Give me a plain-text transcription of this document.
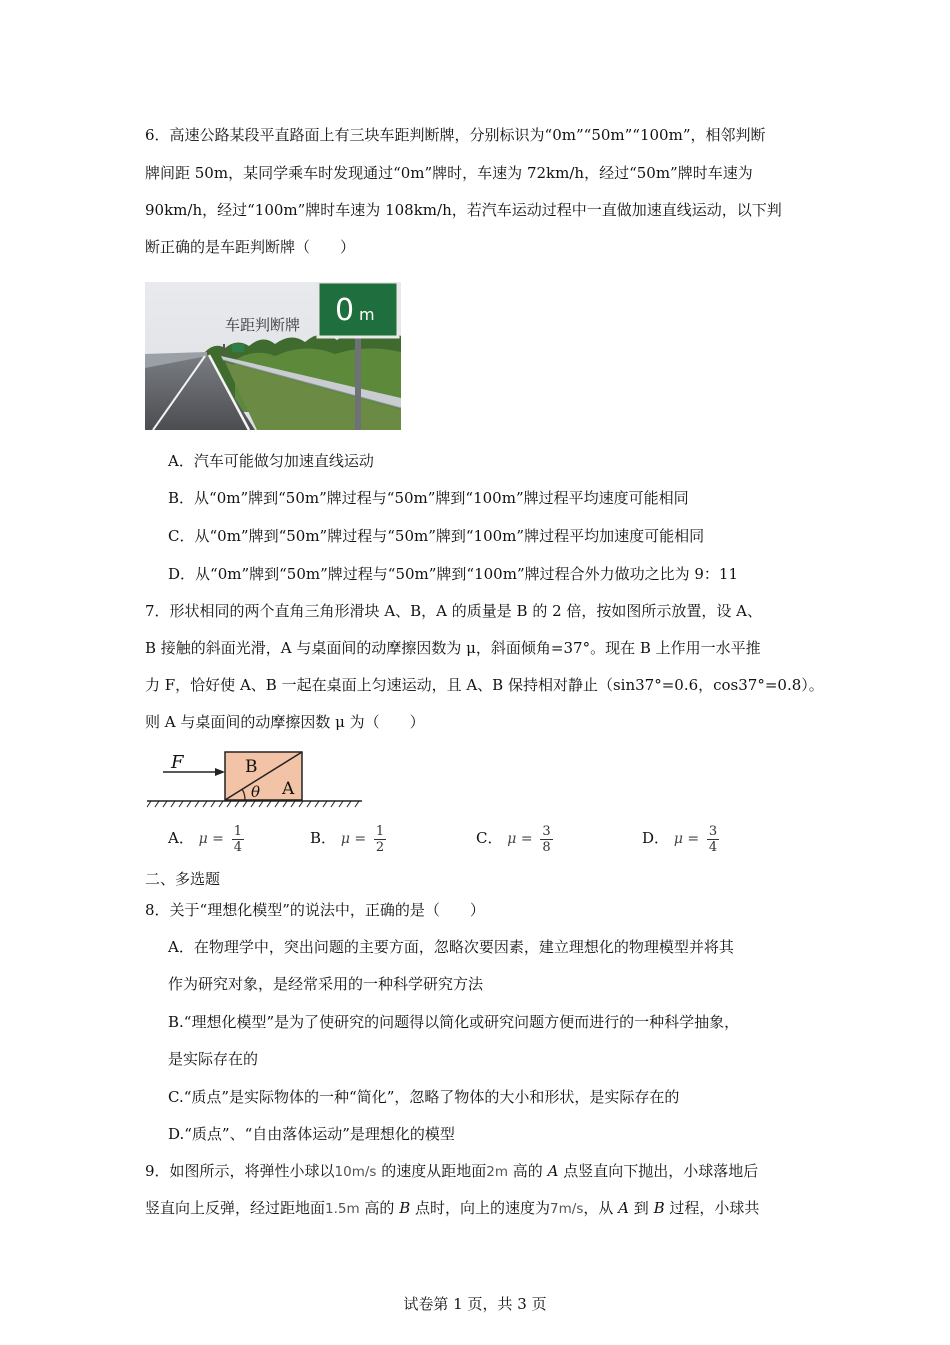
6．高速公路某段平直路面上有三块车距判断牌，分别标识为“0m”“50m”“100m”，相邻判断
牌间距 50m，某同学乘车时发现通过“0m”牌时，车速为 72km/h，经过“50m”牌时车速为
90km/h，经过“100m”牌时车速为 108km/h，若汽车运动过程中一直做加速直线运动，以下判
断正确的是车距判断牌（　　）
0 m
车距判断牌
A．汽车可能做匀加速直线运动
B．从“0m”牌到“50m”牌过程与“50m”牌到“100m”牌过程平均速度可能相同
C．从“0m”牌到“50m”牌过程与“50m”牌到“100m”牌过程平均加速度可能相同
D．从“0m”牌到“50m”牌过程与“50m”牌到“100m”牌过程合外力做功之比为 9：11
7．形状相同的两个直角三角形滑块 A、B，A 的质量是 B 的 2 倍，按如图所示放置，设 A、
B 接触的斜面光滑，A 与桌面间的动摩擦因数为 μ，斜面倾角=37°。现在 B 上作用一水平推
力 F，恰好使 A、B 一起在桌面上匀速运动，且 A、B 保持相对静止（sin37°=0.6，cos37°=0.8）。
则 A 与桌面间的动摩擦因数 μ 为（　　）
F	B
A
θ
A． $\mu = \frac{1}{4}$	B． $\mu = \frac{1}{2}$	C． $\mu = \frac{3}{8}$	D． $\mu = \frac{3}{4}$
二、多选题
8．关于“理想化模型”的说法中，正确的是（　　）
A．在物理学中，突出问题的主要方面，忽略次要因素，建立理想化的物理模型并将其
作为研究对象，是经常采用的一种科学研究方法
B.“理想化模型”是为了使研究的问题得以简化或研究问题方便而进行的一种科学抽象，
是实际存在的
C.“质点”是实际物体的一种“简化”，忽略了物体的大小和形状，是实际存在的
D.“质点”、“自由落体运动”是理想化的模型
9．如图所示，将弹性小球以10m/s 的速度从距地面2m 高的 A 点竖直向下抛出，小球落地后
竖直向上反弹，经过距地面1.5m 高的 B 点时，向上的速度为7m/s，从 A 到 B 过程，小球共
试卷第 1 页，共 3 页
